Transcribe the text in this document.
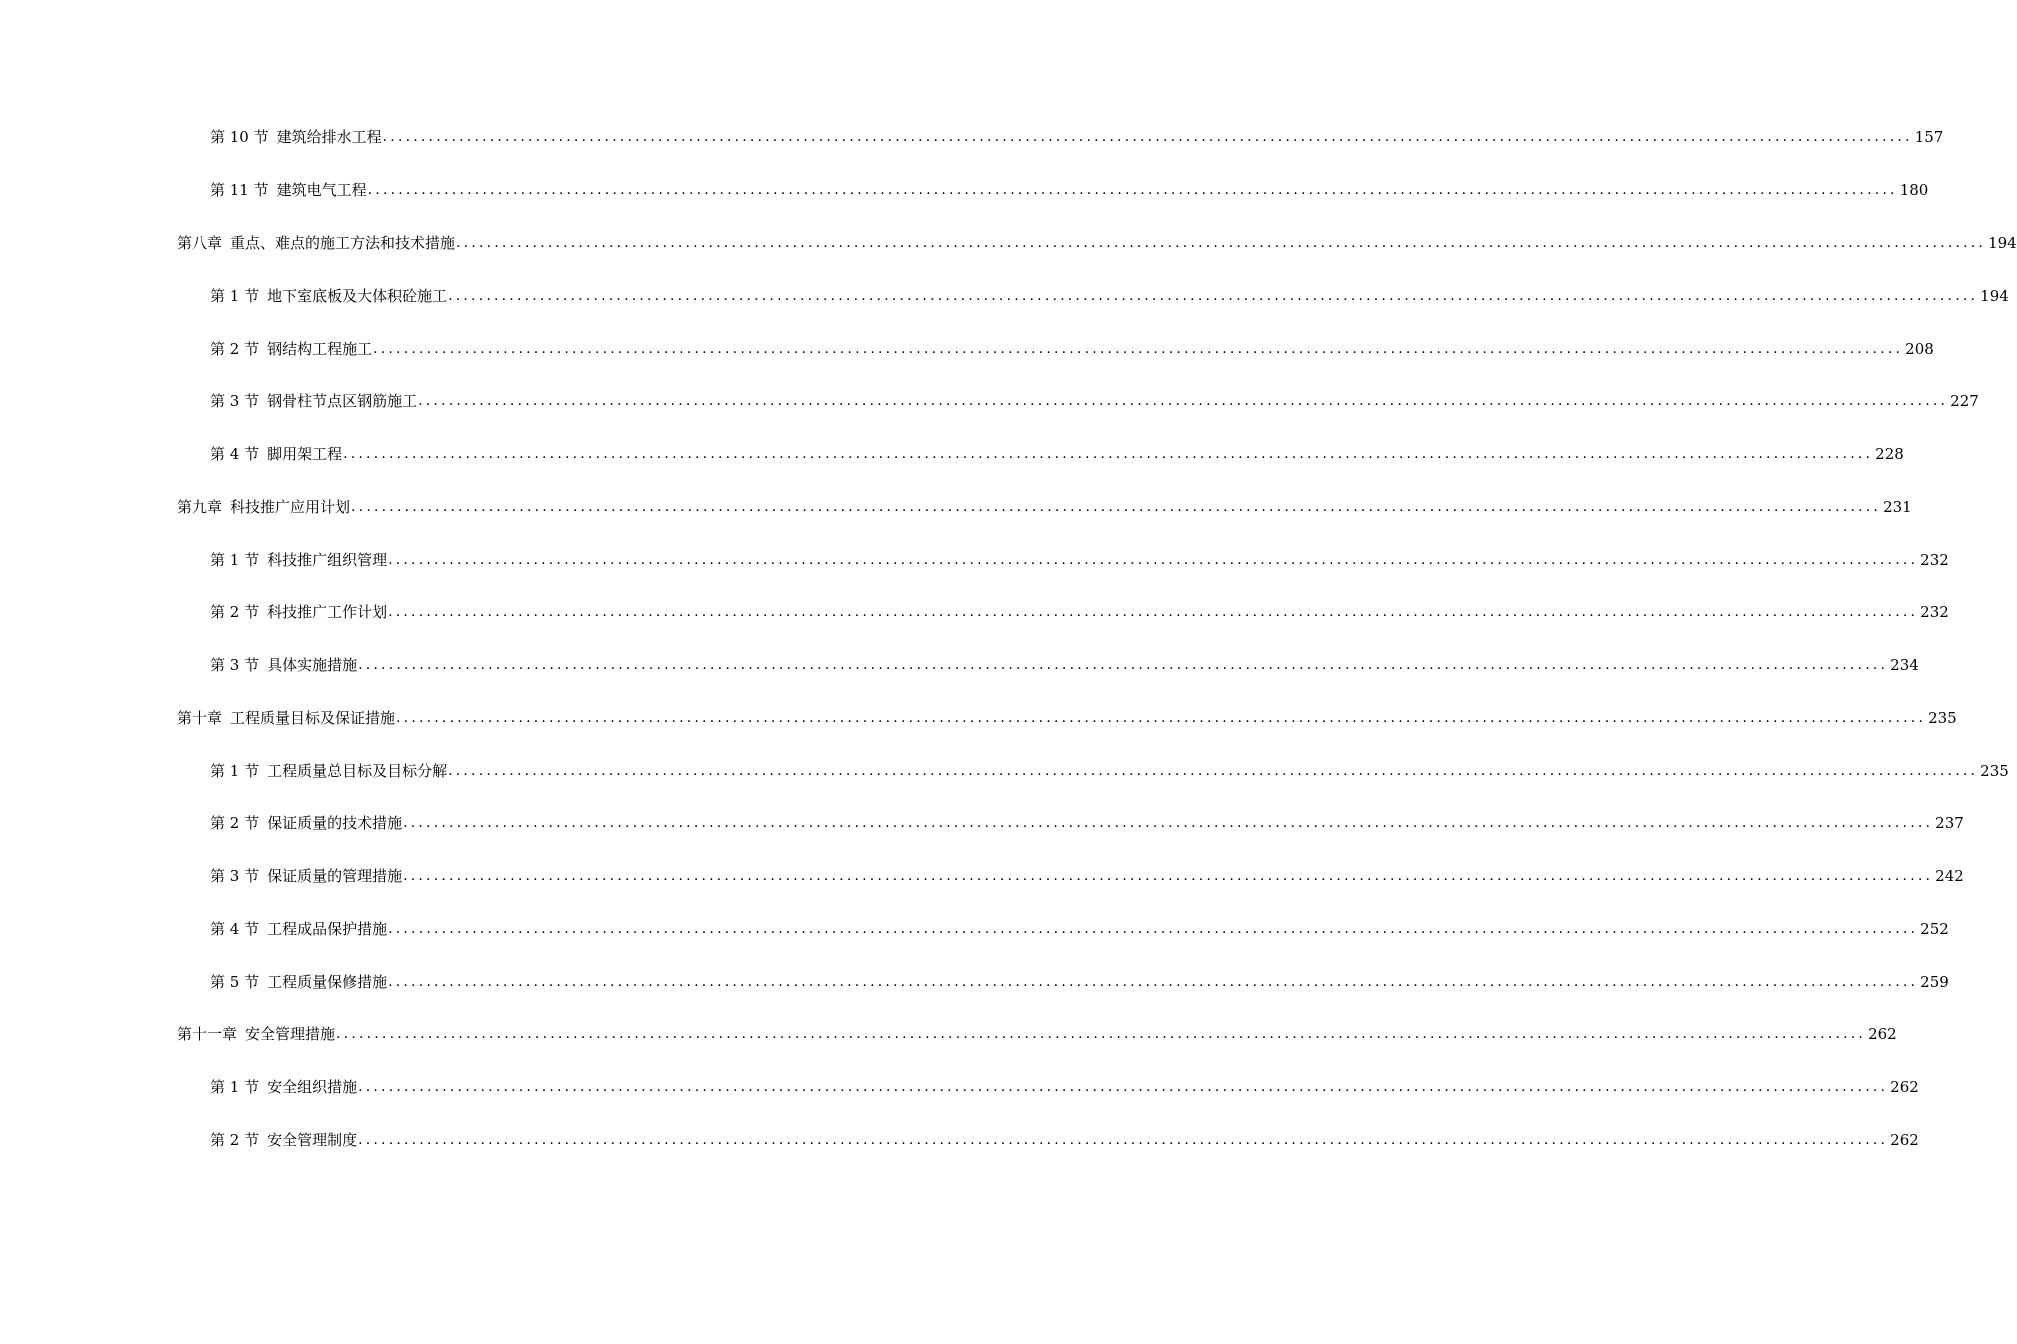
第 10 节 建筑给排水工程 ........................................................................................................................................................................................................ 157
第 11 节 建筑电气工程 ........................................................................................................................................................................................................ 180
第八章 重点、难点的施工方法和技术措施 ........................................................................................................................................................................................................ 194
第 1 节 地下室底板及大体积砼施工 ........................................................................................................................................................................................................ 194
第 2 节 钢结构工程施工 ........................................................................................................................................................................................................ 208
第 3 节 钢骨柱节点区钢筋施工 ........................................................................................................................................................................................................ 227
第 4 节 脚用架工程 ........................................................................................................................................................................................................ 228
第九章 科技推广应用计划 ........................................................................................................................................................................................................ 231
第 1 节 科技推广组织管理 ........................................................................................................................................................................................................ 232
第 2 节 科技推广工作计划 ........................................................................................................................................................................................................ 232
第 3 节 具体实施措施 ........................................................................................................................................................................................................ 234
第十章 工程质量目标及保证措施 ........................................................................................................................................................................................................ 235
第 1 节 工程质量总目标及目标分解 ........................................................................................................................................................................................................ 235
第 2 节 保证质量的技术措施 ........................................................................................................................................................................................................ 237
第 3 节 保证质量的管理措施 ........................................................................................................................................................................................................ 242
第 4 节 工程成品保护措施 ........................................................................................................................................................................................................ 252
第 5 节 工程质量保修措施 ........................................................................................................................................................................................................ 259
第十一章 安全管理措施 ........................................................................................................................................................................................................ 262
第 1 节 安全组织措施 ........................................................................................................................................................................................................ 262
第 2 节 安全管理制度 ........................................................................................................................................................................................................ 262
